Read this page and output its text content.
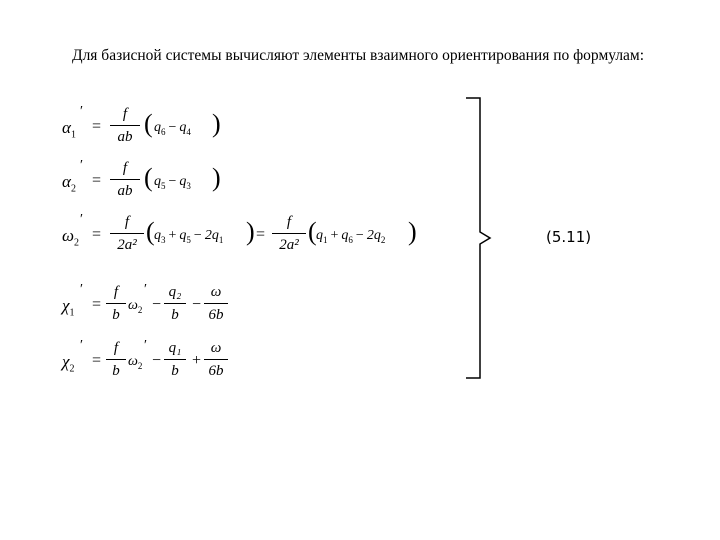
Для базисной системы вычисляют элементы взаимного ориентирования по формулам:
$\alpha_1$
′
=
f
ab ( $q_6 - q_4$ )
$\alpha_2$
′
=
f
ab ( $q_5 - q_3$ )
$\omega_2$
′
=
f
2a² ( $q_3 + q_5 - 2q_1$ ) =
f
2a² ( $q_1 + q_6 - 2q_2$ )
$\chi_1$
′
=
f
b
$\omega_2$
′
−
q₂
b
−
ω
6b
$\chi_2$
′
=
f
b
$\omega_2$
′
−
q₁
b
+
ω
6b
(5.11)
